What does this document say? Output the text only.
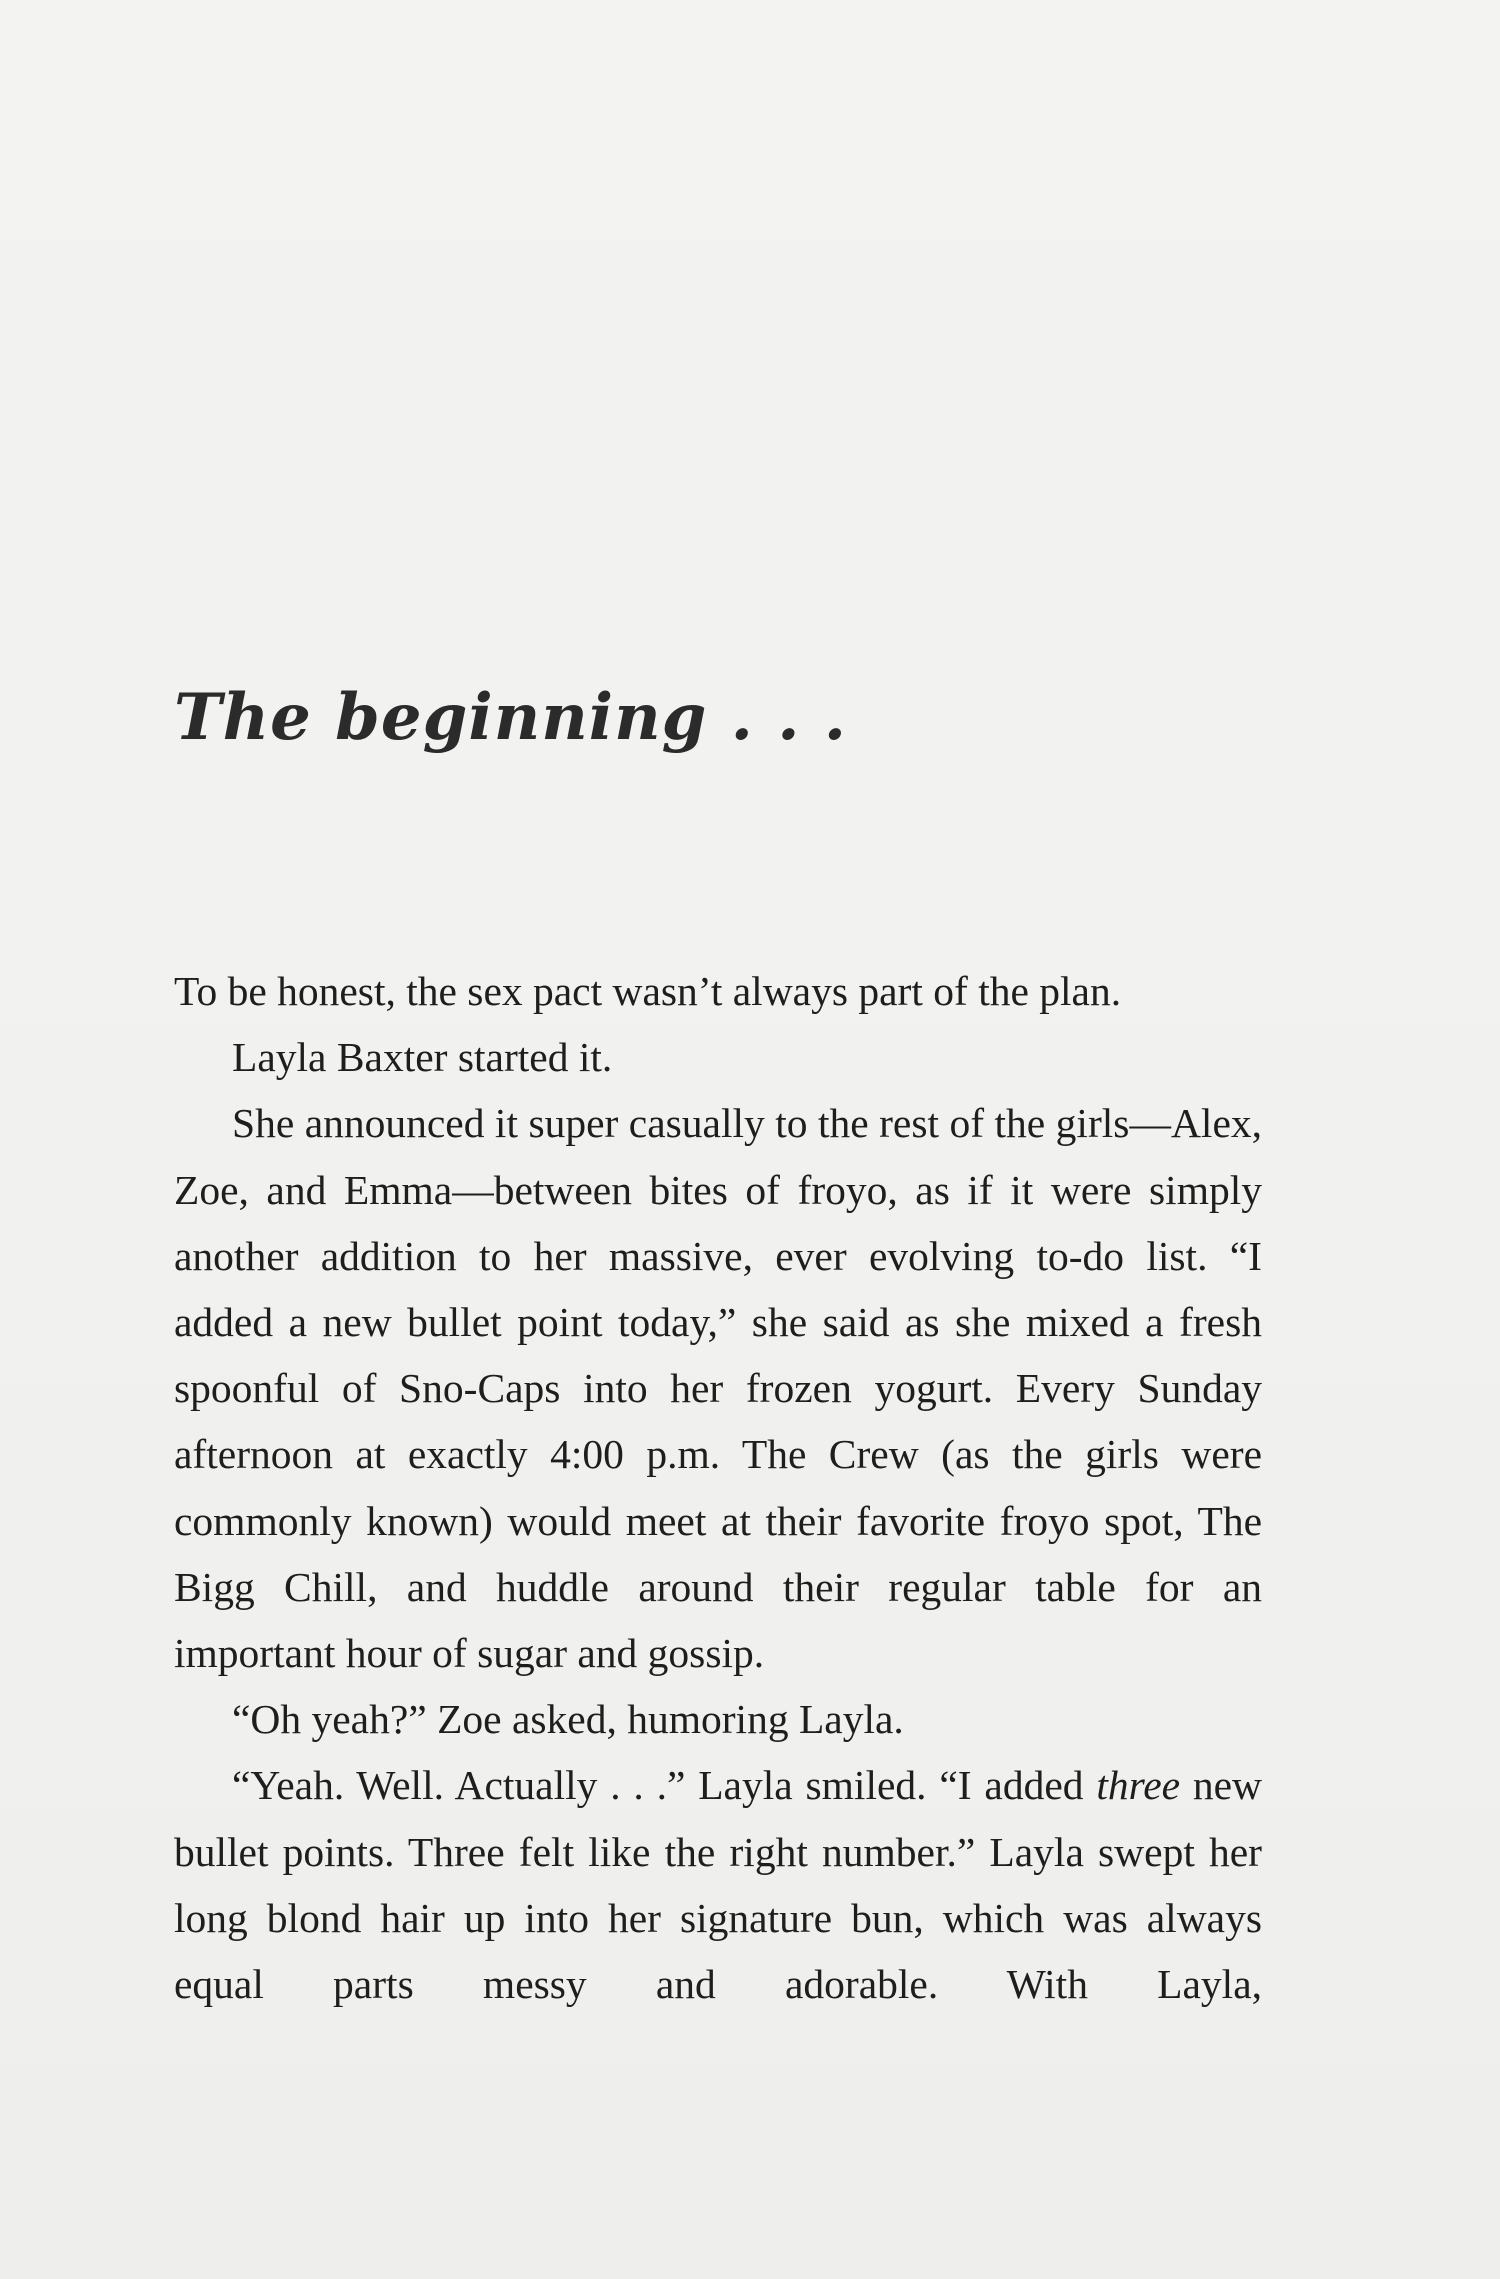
The beginning . . .

To be honest, the sex pact wasn’t always part of the plan.

Layla Baxter started it.

She announced it super casually to the rest of the girls—Alex, Zoe, and Emma—between bites of froyo, as if it were simply another addition to her massive, ever evolving to-do list. “I added a new bullet point today,” she said as she mixed a fresh spoonful of Sno-Caps into her frozen yogurt. Every Sunday afternoon at exactly 4:00 p.m. The Crew (as the girls were commonly known) would meet at their favorite froyo spot, The Bigg Chill, and huddle around their regular table for an important hour of sugar and gossip.

“Oh yeah?” Zoe asked, humoring Layla.

“Yeah. Well. Actually . . .” Layla smiled. “I added three new bullet points. Three felt like the right number.” Layla swept her long blond hair up into her signature bun, which was always equal parts messy and adorable. With Layla,
